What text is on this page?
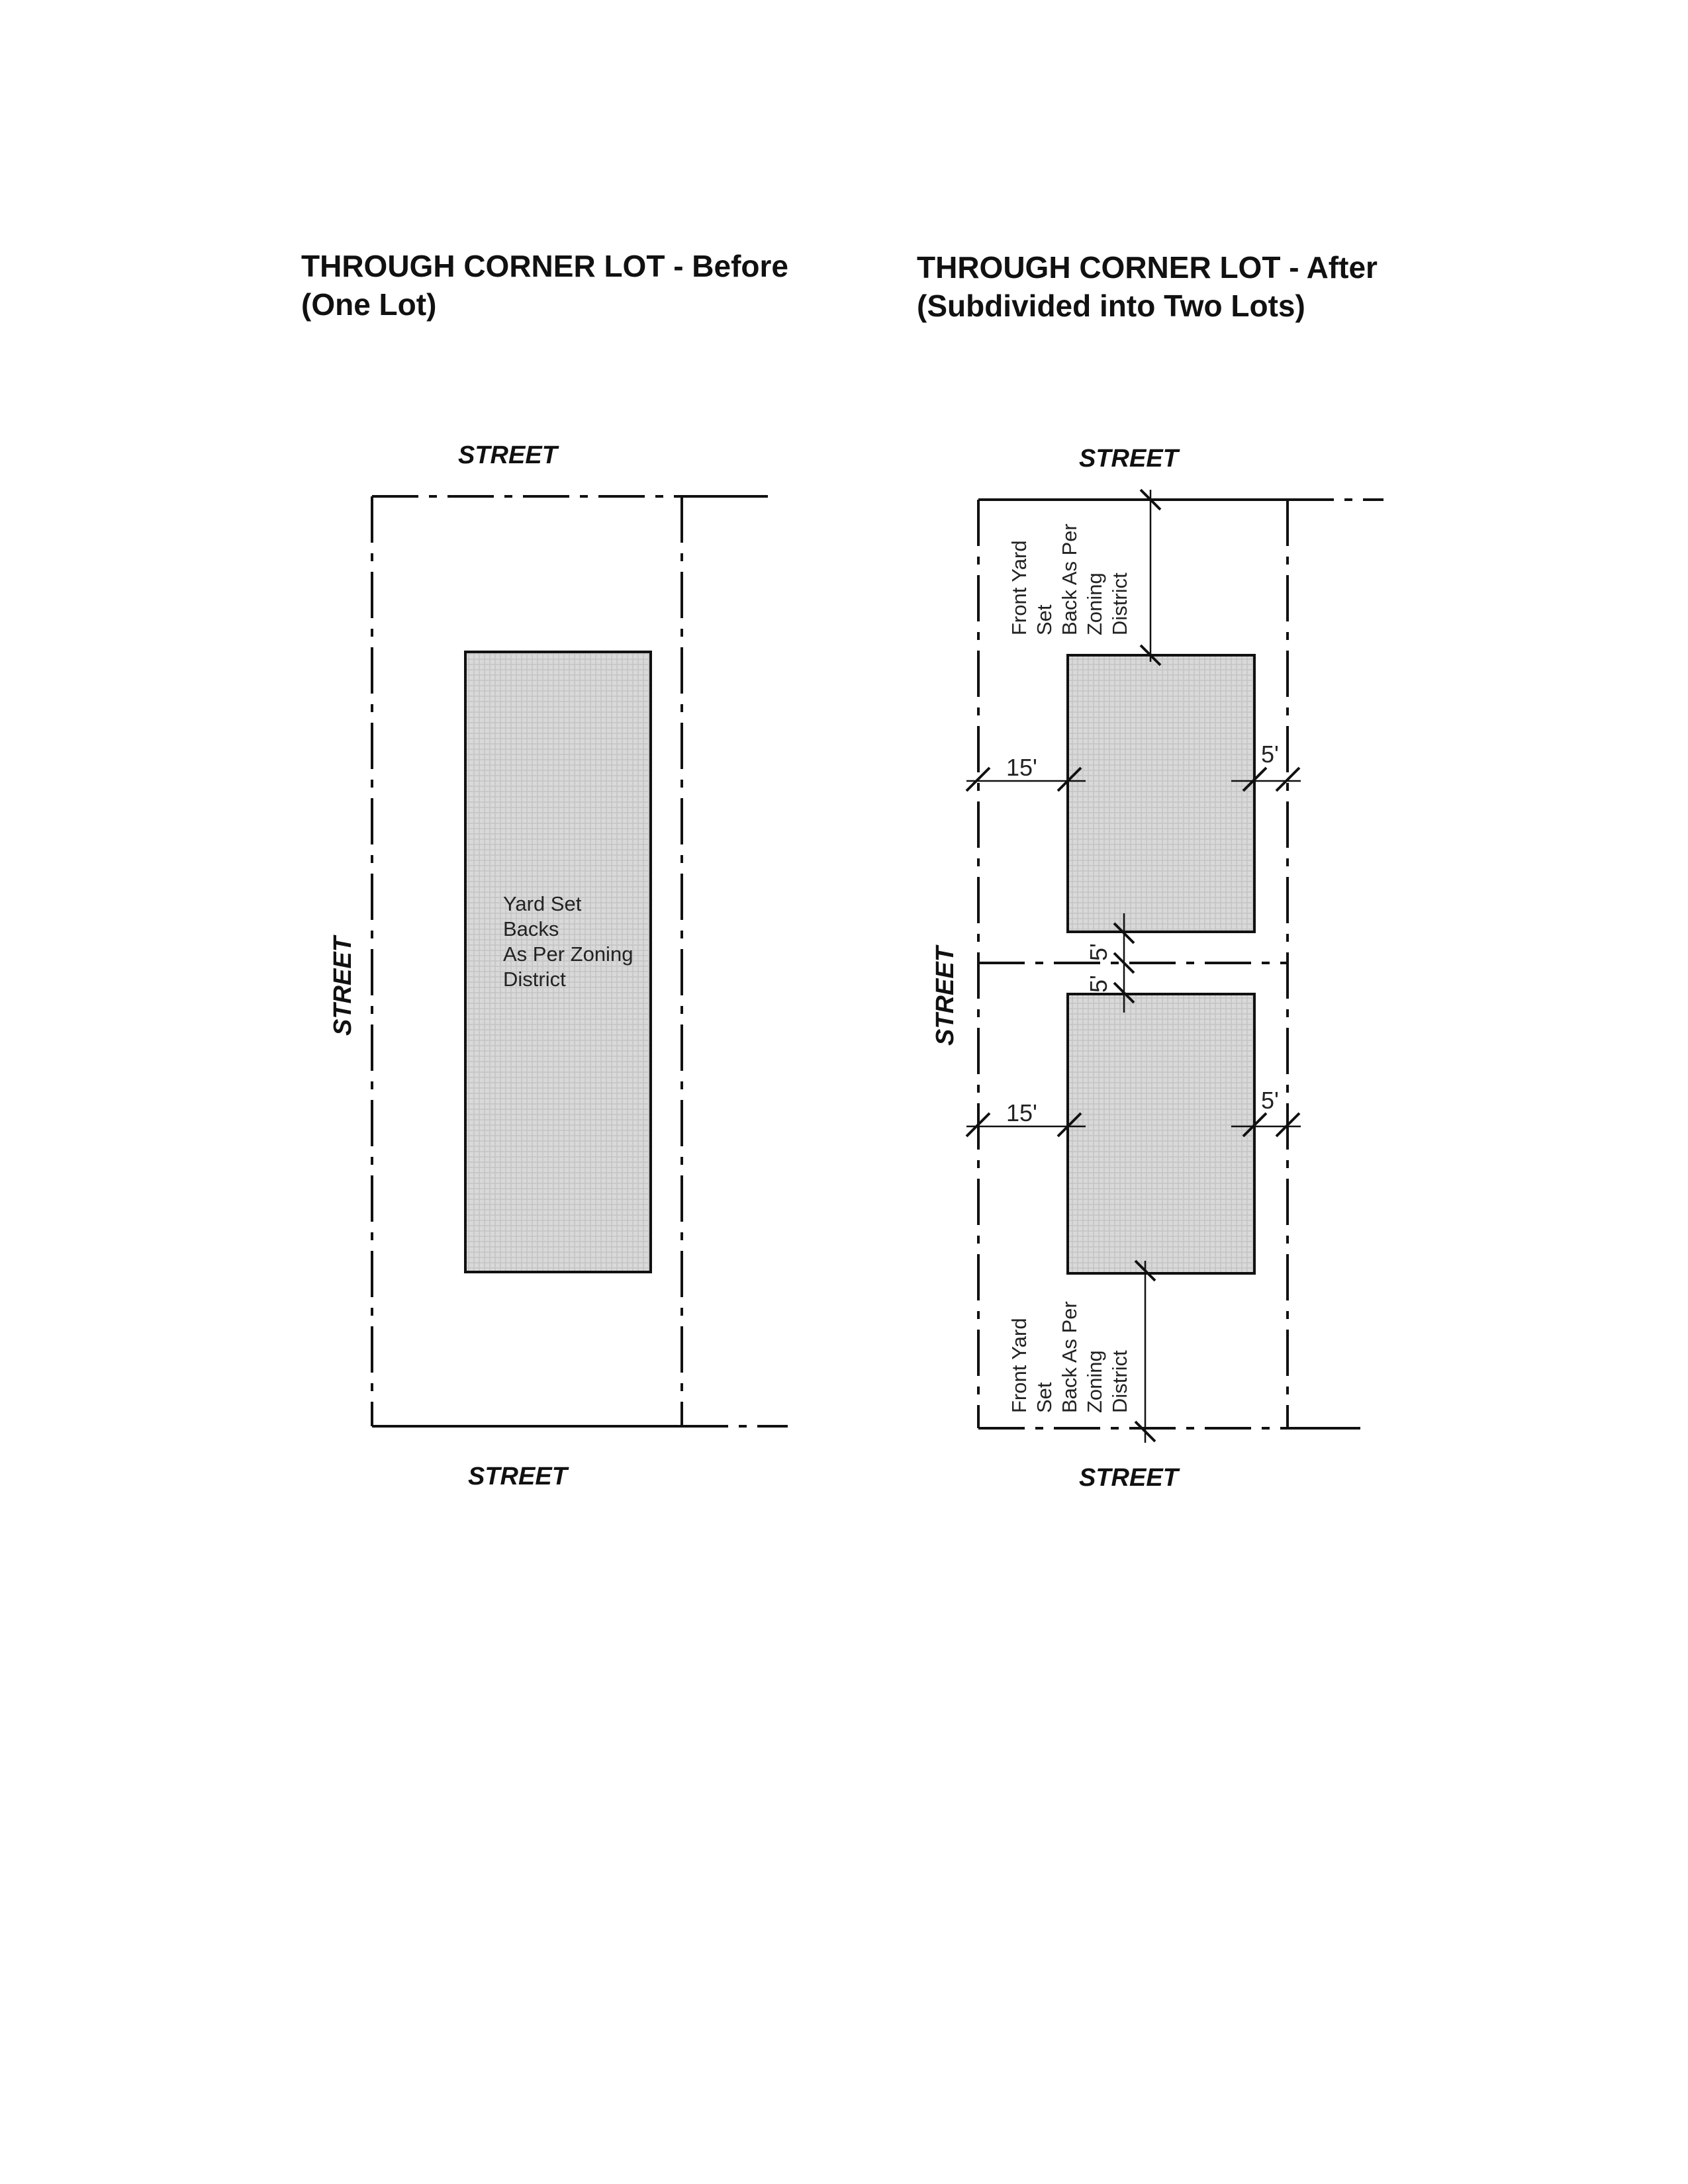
THROUGH CORNER LOT - Before
(One Lot)
STREET
STREET
STREET
Yard Set
Backs
As Per Zoning
District
THROUGH CORNER LOT - After
(Subdivided into Two Lots)
STREET
STREET
STREET
Front Yard Set Back As Per Zoning District
15'	5'
5'
5'
15'	5'
Front Yard Set Back As Per Zoning District
